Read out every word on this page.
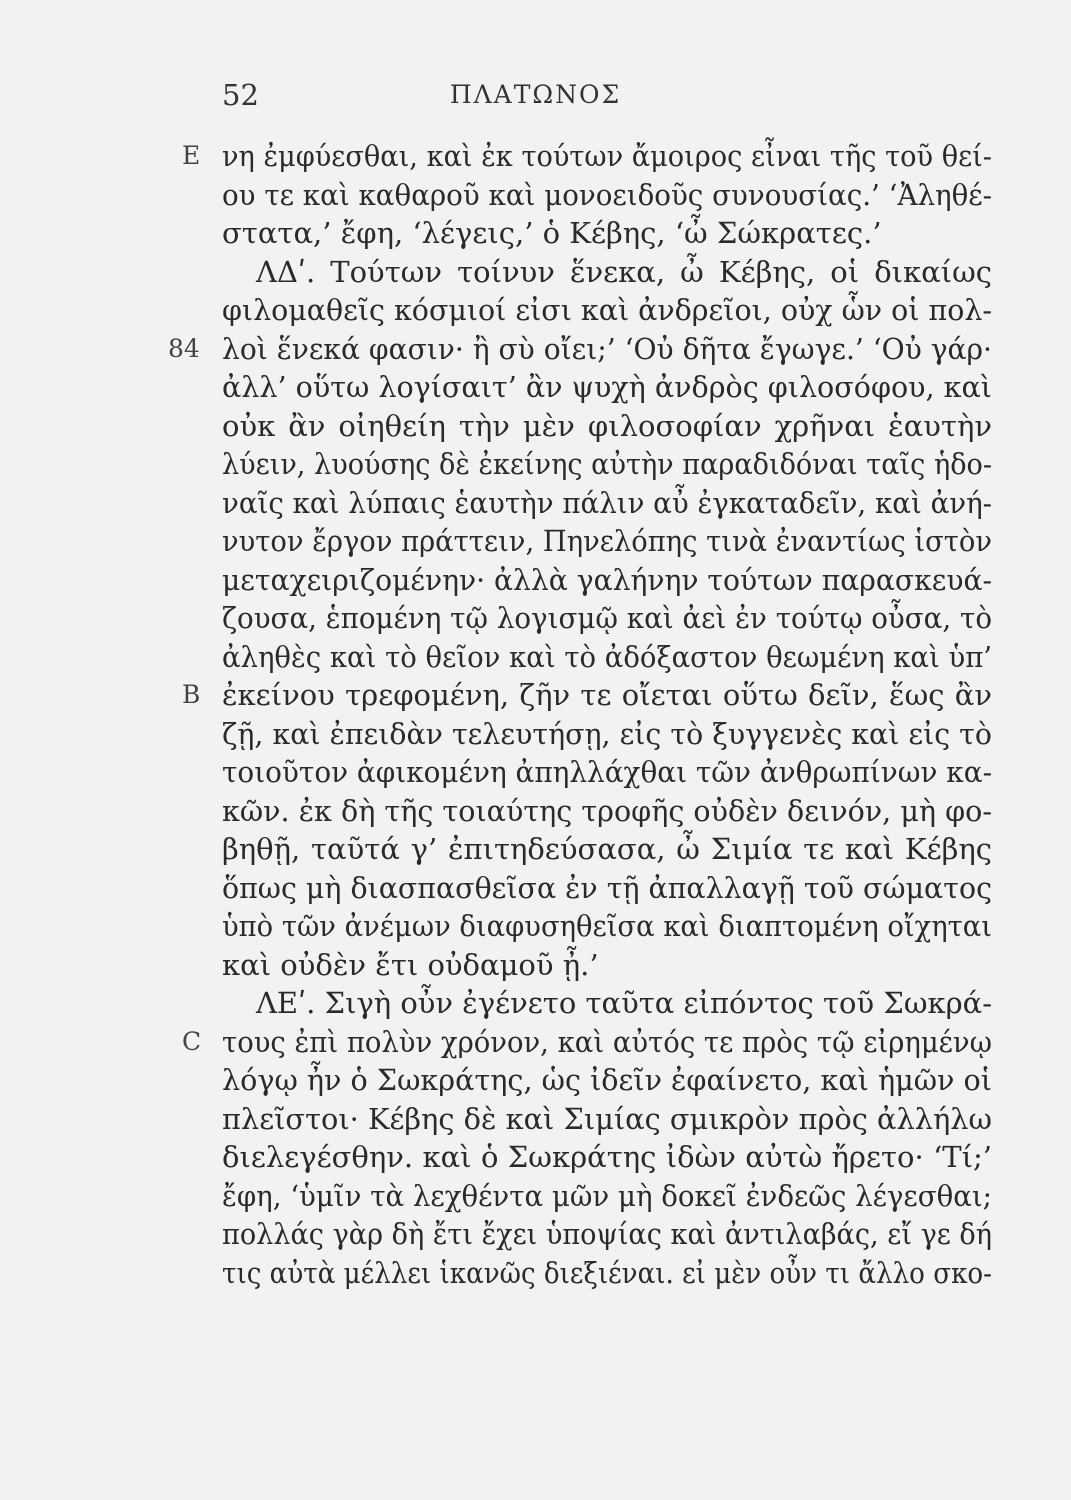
52	ΠΛΑΤΩΝΟΣ
E νη ἐμφύεσθαι, καὶ ἐκ τούτων ἄμοιρος εἶναι τῆς τοῦ θεί-
ου τε καὶ καθαροῦ καὶ μονοειδοῦς συνουσίας.’ ‘Ἀληθέ-
στατα,’ ἔφη, ‘λέγεις,’ ὁ Κέβης, ‘ὦ Σώκρατες.’
ΛΔʹ. Τούτων τοίνυν ἕνεκα, ὦ Κέβης, οἱ δικαίως
φιλομαθεῖς κόσμιοί εἰσι καὶ ἀνδρεῖοι, οὐχ ὧν οἱ πολ-
84 λοὶ ἕνεκά φασιν· ἢ σὺ οἴει;’ ‘Οὐ δῆτα ἔγωγε.’ ‘Οὐ γάρ·
ἀλλ’ οὕτω λογίσαιτ’ ἂν ψυχὴ ἀνδρὸς φιλοσόφου, καὶ
οὐκ ἂν οἰηθείη τὴν μὲν φιλοσοφίαν χρῆναι ἑαυτὴν
λύειν, λυούσης δὲ ἐκείνης αὐτὴν παραδιδόναι ταῖς ἡδο-
ναῖς καὶ λύπαις ἑαυτὴν πάλιν αὖ ἐγκαταδεῖν, καὶ ἀνή-
νυτον ἔργον πράττειν, Πηνελόπης τινὰ ἐναντίως ἱστὸν
μεταχειριζομένην· ἀλλὰ γαλήνην τούτων παρασκευά-
ζουσα, ἑπομένη τῷ λογισμῷ καὶ ἀεὶ ἐν τούτῳ οὖσα, τὸ
ἀληθὲς καὶ τὸ θεῖον καὶ τὸ ἀδόξαστον θεωμένη καὶ ὑπ’
B ἐκείνου τρεφομένη, ζῆν τε οἴεται οὕτω δεῖν, ἕως ἂν
ζῇ, καὶ ἐπειδὰν τελευτήσῃ, εἰς τὸ ξυγγενὲς καὶ εἰς τὸ
τοιοῦτον ἀφικομένη ἀπηλλάχθαι τῶν ἀνθρωπίνων κα-
κῶν. ἐκ δὴ τῆς τοιαύτης τροφῆς οὐδὲν δεινόν, μὴ φο-
βηθῇ, ταῦτά γ’ ἐπιτηδεύσασα, ὦ Σιμία τε καὶ Κέβης
ὅπως μὴ διασπασθεῖσα ἐν τῇ ἀπαλλαγῇ τοῦ σώματος
ὑπὸ τῶν ἀνέμων διαφυσηθεῖσα καὶ διαπτομένη οἴχηται
καὶ οὐδὲν ἔτι οὐδαμοῦ ᾖ.’
ΛΕʹ. Σιγὴ οὖν ἐγένετο ταῦτα εἰπόντος τοῦ Σωκρά-
C τους ἐπὶ πολὺν χρόνον, καὶ αὐτός τε πρὸς τῷ εἰρημένῳ
λόγῳ ἦν ὁ Σωκράτης, ὡς ἰδεῖν ἐφαίνετο, καὶ ἡμῶν οἱ
πλεῖστοι· Κέβης δὲ καὶ Σιμίας σμικρὸν πρὸς ἀλλήλω
διελεγέσθην. καὶ ὁ Σωκράτης ἰδὼν αὐτὼ ἤρετο· ‘Τί;’
ἔφη, ‘ὑμῖν τὰ λεχθέντα μῶν μὴ δοκεῖ ἐνδεῶς λέγεσθαι;
πολλάς γὰρ δὴ ἔτι ἔχει ὑποψίας καὶ ἀντιλαβάς, εἴ γε δή
τις αὐτὰ μέλλει ἱκανῶς διεξιέναι. εἰ μὲν οὖν τι ἄλλο σκο-
